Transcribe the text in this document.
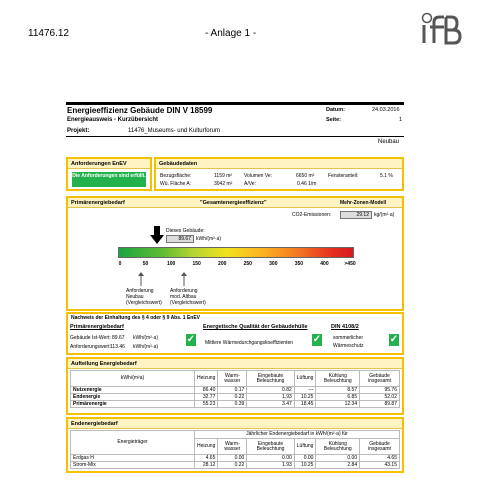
11476.12	- Anlage 1 -
Energieeffizienz Gebäude DIN V 18599
Energieausweis - Kurzübersicht
Datum:	24.03.2016
Seite:	1
Projekt:	11476_Museums- und Kulturforum
Neubau
Anforderungen EnEV
Die Anforderungen sind erfüllt.
Gebäudedaten
Bezugsfläche:	1159 m²
Wü. Fläche A:	3042 m²
Volumen Ve:	6650 m³
A/Ve:	0.46 1/m
Fensteranteil:	5.1 %
Primärenergiebedarf	"Gesamtenergieeffizienz"	Mehr-Zonen-Modell
CO2-Emissionen:	29.12	kg/(m²·a)
Dieses Gebäude:
89.67	kWh/(m²·a)
0	50	100	150	200	250	300	350	400	>450
Anforderung Neubau (Vergleichswert)
Anforderung mod. Altbau (Vergleichswert)
Nachweis der Einhaltung des § 4 oder § 9 Abs. 1 EnEV
Primärenergiebedarf
Gebäude Ist-Wert: 89.67 kWh/(m²·a)
Anforderungswert: 113.46 kWh/(m²·a)
✓
Energetische Qualität der Gebäudehülle
Mittlere Wärmedurchgangskoeffizienten ✓
DIN 4108/2
sommerlicher
Wärmeschutz
✓
Aufteilung Energiebedarf
kWh/(m²a)	Heizung	Warm-wasser	Eingebaute Beleuchtung	Lüftung	Kühlung Beleuchtung	Gebäude insgesamt
Nutzenergie	86.40	0.17	0.82	---	8.57	95.76
Endenergie	32.77	0.22	1.93	10.25	6.85	52.02
Primärenergie	55.23	0.39	3.47	18.45	12.34	89.87
Endenergiebedarf
Energieträger	Jährlicher Endenergiebedarf in kWh/(m²·a) für					
	Heizung	Warm-wasser	Eingebaute Beleuchtung	Lüftung	Kühlung Beleuchtung	Gebäude insgesamt
Erdgas H	4.65	0.00	0.00	0.00	0.00	4.65
Strom-Mix	28.12	0.22	1.93	10.25	2.84	43.15
